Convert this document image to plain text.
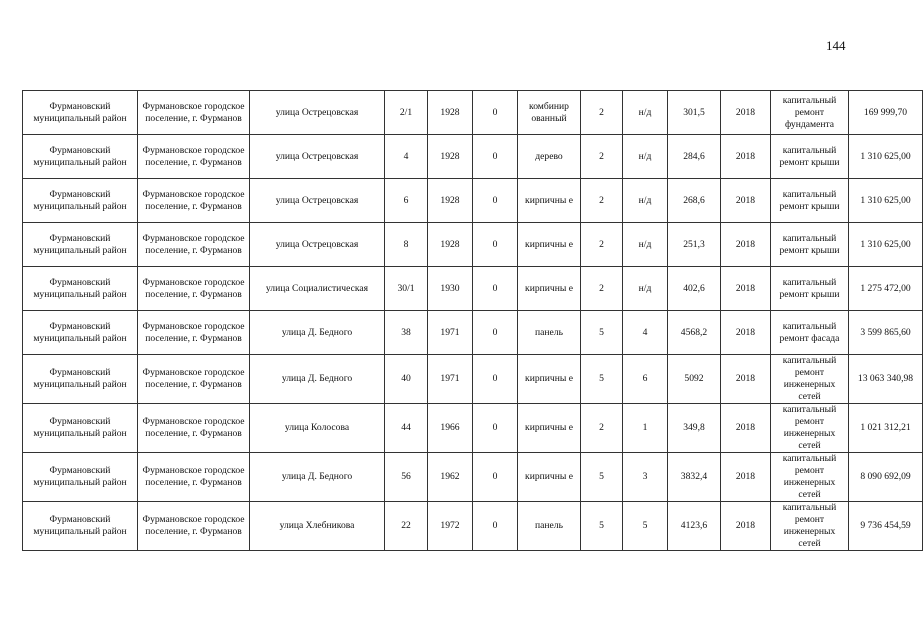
144
Фурмановский муниципальный район	Фурмановское городское поселение, г. Фурманов	улица Острецовская	2/1	1928	0	комбинир ованный	2	н/д	301,5	2018	капитальный ремонт фундамента	169 999,70
Фурмановский муниципальный район	Фурмановское городское поселение, г. Фурманов	улица Острецовская	4	1928	0	дерево	2	н/д	284,6	2018	капитальный ремонт крыши	1 310 625,00
Фурмановский муниципальный район	Фурмановское городское поселение, г. Фурманов	улица Острецовская	6	1928	0	кирпичны е	2	н/д	268,6	2018	капитальный ремонт крыши	1 310 625,00
Фурмановский муниципальный район	Фурмановское городское поселение, г. Фурманов	улица Острецовская	8	1928	0	кирпичны е	2	н/д	251,3	2018	капитальный ремонт крыши	1 310 625,00
Фурмановский муниципальный район	Фурмановское городское поселение, г. Фурманов	улица Социалистическая	30/1	1930	0	кирпичны е	2	н/д	402,6	2018	капитальный ремонт крыши	1 275 472,00
Фурмановский муниципальный район	Фурмановское городское поселение, г. Фурманов	улица Д. Бедного	38	1971	0	панель	5	4	4568,2	2018	капитальный ремонт фасада	3 599 865,60
Фурмановский муниципальный район	Фурмановское городское поселение, г. Фурманов	улица Д. Бедного	40	1971	0	кирпичны е	5	6	5092	2018	капитальный ремонт инженерных сетей	13 063 340,98
Фурмановский муниципальный район	Фурмановское городское поселение, г. Фурманов	улица Колосова	44	1966	0	кирпичны е	2	1	349,8	2018	капитальный ремонт инженерных сетей	1 021 312,21
Фурмановский муниципальный район	Фурмановское городское поселение, г. Фурманов	улица Д. Бедного	56	1962	0	кирпичны е	5	3	3832,4	2018	капитальный ремонт инженерных сетей	8 090 692,09
Фурмановский муниципальный район	Фурмановское городское поселение, г. Фурманов	улица Хлебникова	22	1972	0	панель	5	5	4123,6	2018	капитальный ремонт инженерных сетей	9 736 454,59
